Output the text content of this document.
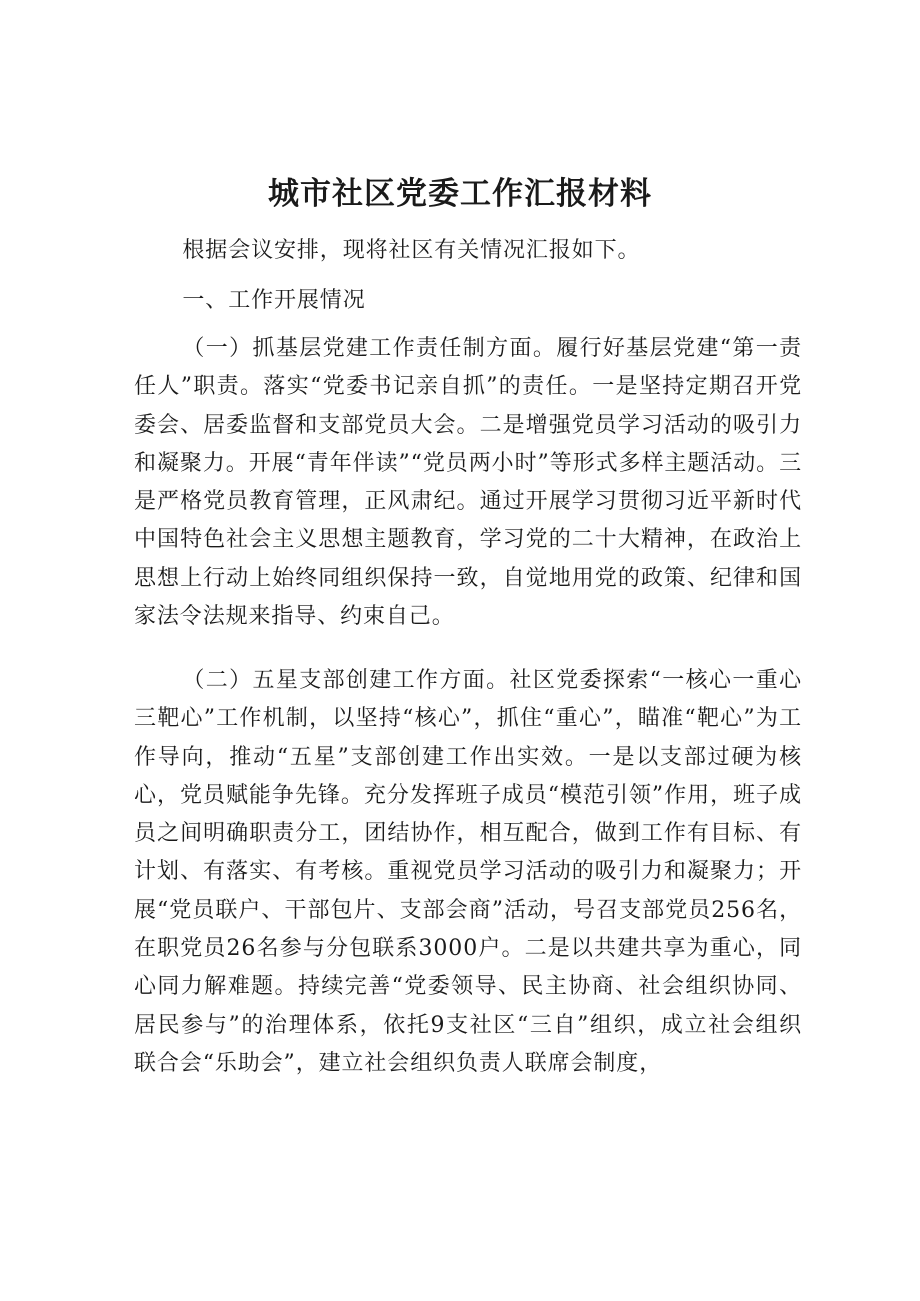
城市社区党委工作汇报材料

根据会议安排，现将社区有关情况汇报如下。

一、工作开展情况

（一）抓基层党建工作责任制方面。履行好基层党建“第一责任人”职责。落实“党委书记亲自抓”的责任。一是坚持定期召开党委会、居委监督和支部党员大会。二是增强党员学习活动的吸引力和凝聚力。开展“青年伴读”“党员两小时”等形式多样主题活动。三是严格党员教育管理，正风肃纪。通过开展学习贯彻习近平新时代中国特色社会主义思想主题教育，学习党的二十大精神，在政治上思想上行动上始终同组织保持一致，自觉地用党的政策、纪律和国家法令法规来指导、约束自己。

（二）五星支部创建工作方面。社区党委探索“一核心一重心三靶心”工作机制，以坚持“核心”，抓住“重心”，瞄准“靶心”为工作导向，推动“五星”支部创建工作出实效。一是以支部过硬为核心，党员赋能争先锋。充分发挥班子成员“模范引领”作用，班子成员之间明确职责分工，团结协作，相互配合，做到工作有目标、有计划、有落实、有考核。重视党员学习活动的吸引力和凝聚力；开展“党员联户、干部包片、支部会商”活动，号召支部党员256名，在职党员26名参与分包联系3000户。二是以共建共享为重心，同心同力解难题。持续完善“党委领导、民主协商、社会组织协同、居民参与”的治理体系，依托9支社区“三自”组织，成立社会组织联合会“乐助会”，建立社会组织负责人联席会制度，
